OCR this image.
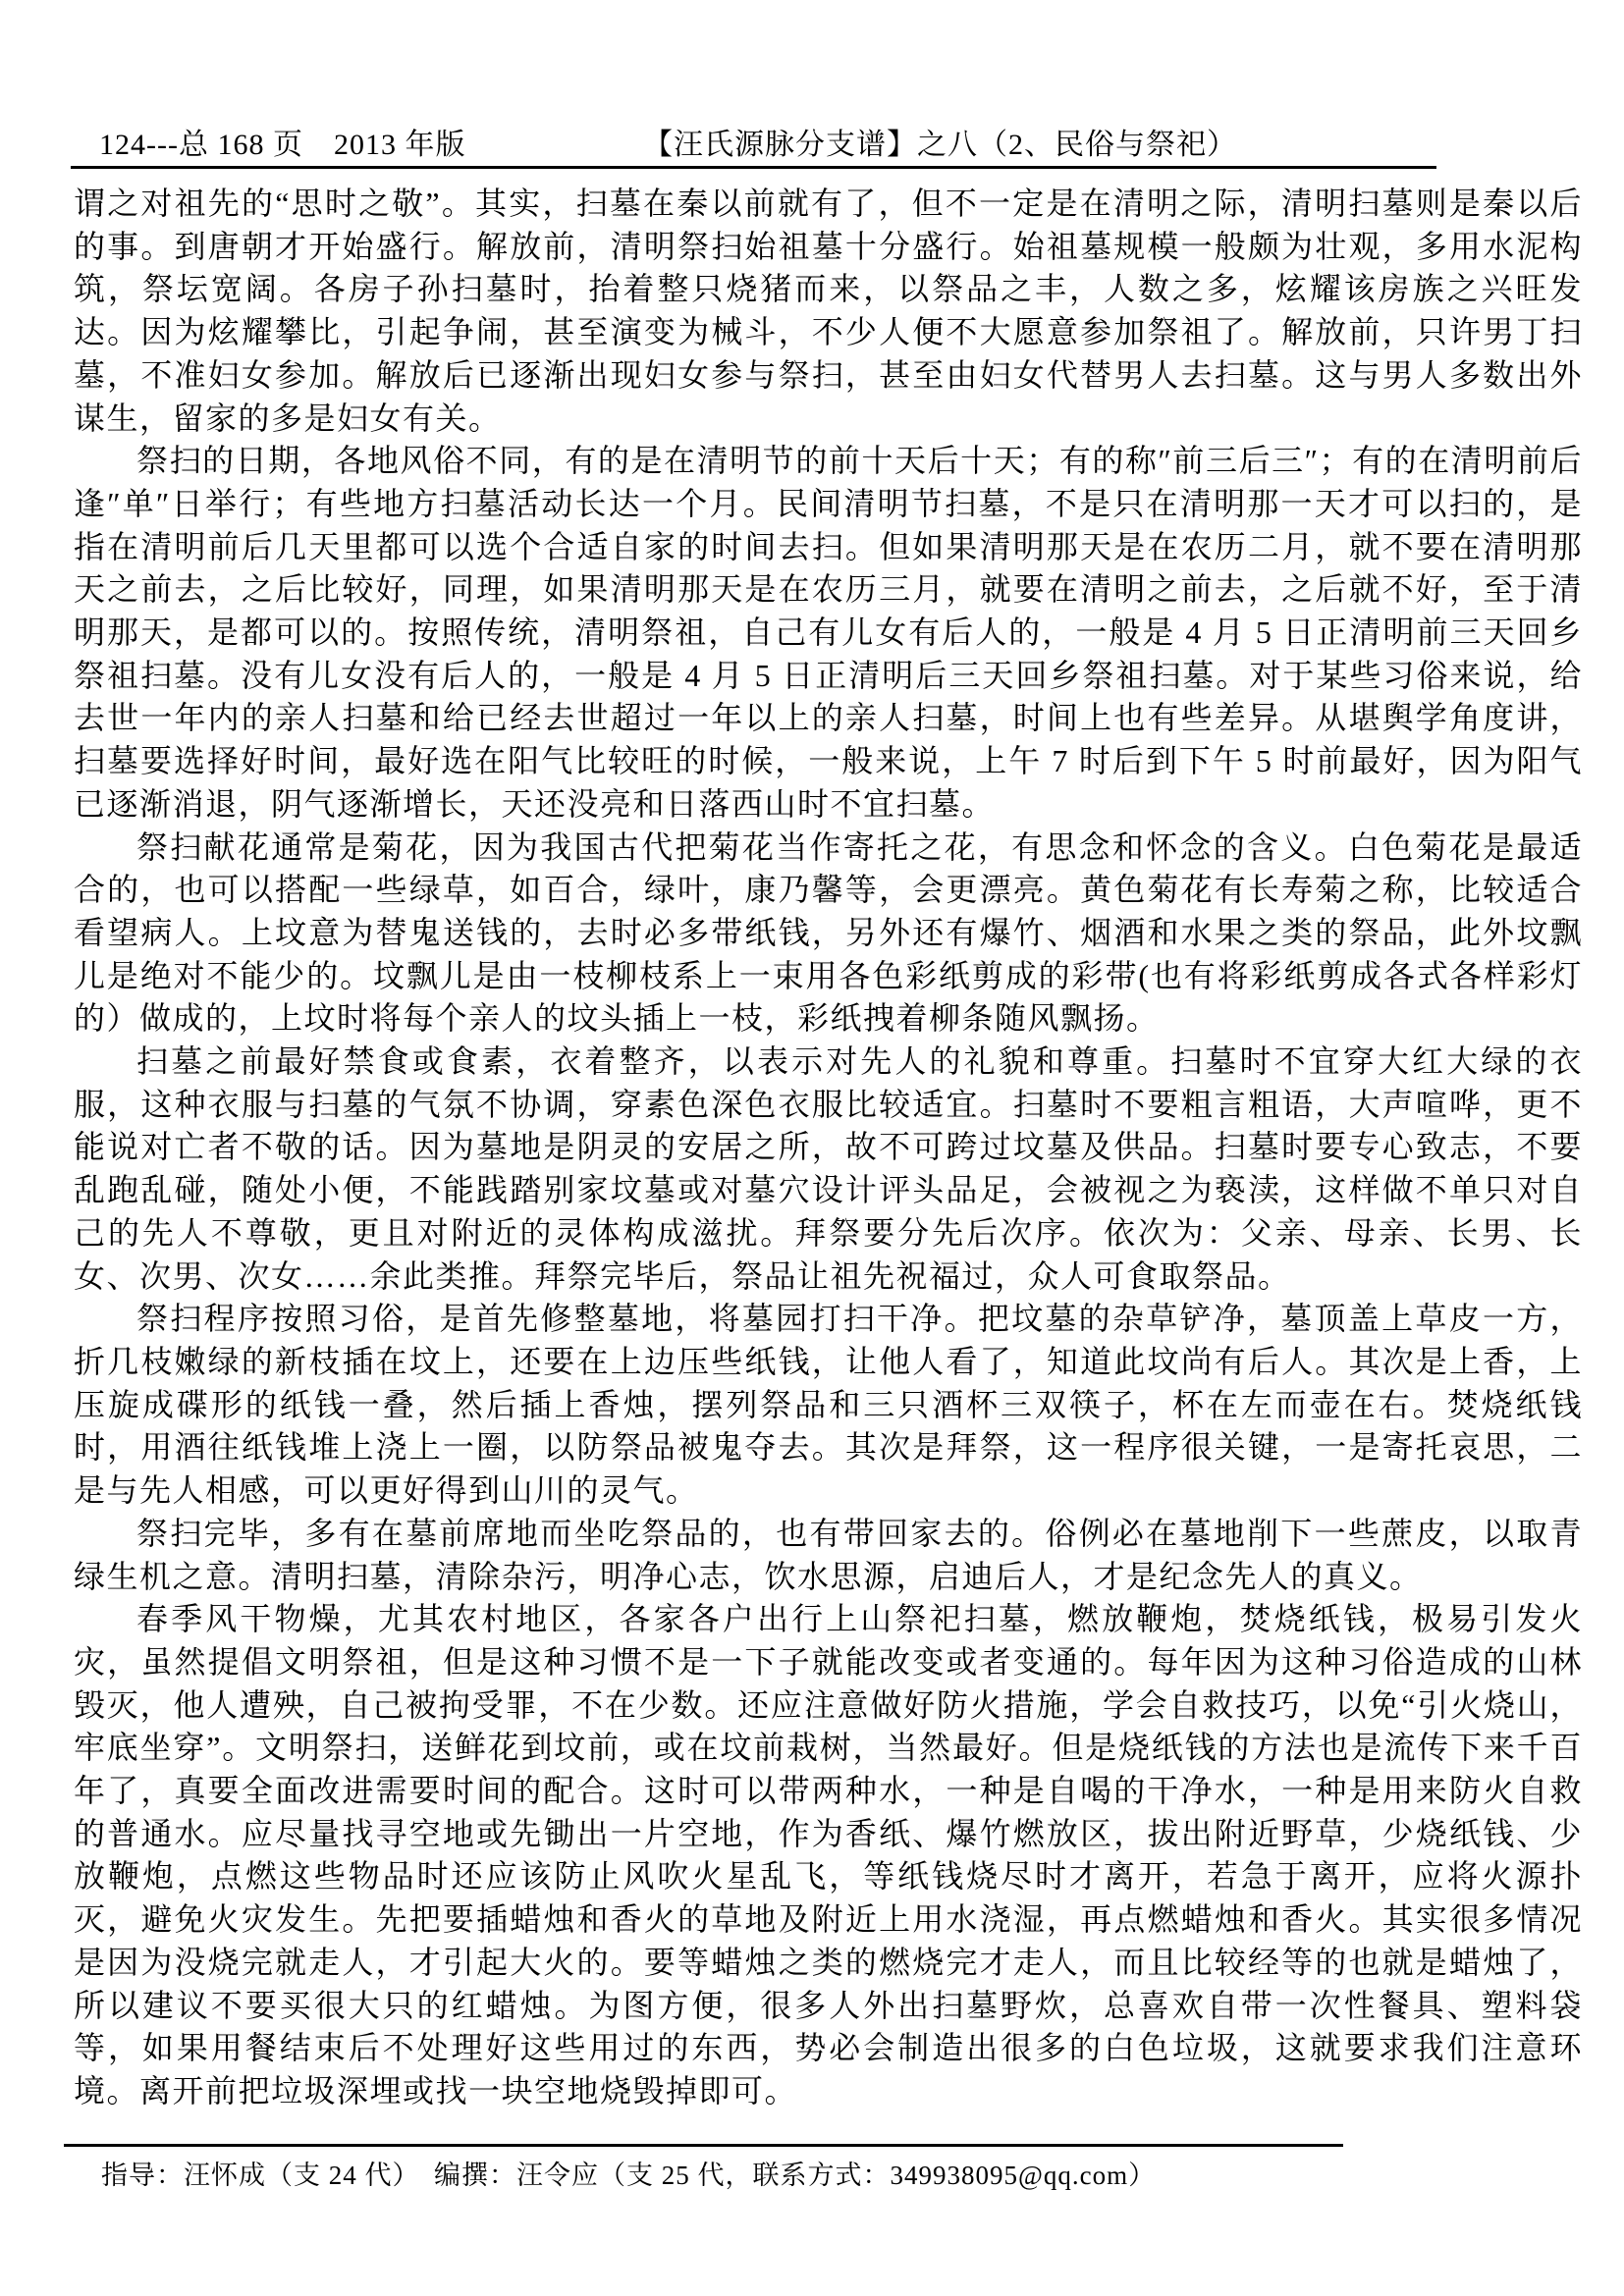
124---总 168 页　2013 年版	【汪氏源脉分支谱】之八（2、民俗与祭祀）

谓之对祖先的“思时之敬”。其实，扫墓在秦以前就有了，但不一定是在清明之际，清明扫墓则是秦以后的事。到唐朝才开始盛行。解放前，清明祭扫始祖墓十分盛行。始祖墓规模一般颇为壮观，多用水泥构筑，祭坛宽阔。各房子孙扫墓时，抬着整只烧猪而来，以祭品之丰，人数之多，炫耀该房族之兴旺发达。因为炫耀攀比，引起争闹，甚至演变为械斗，不少人便不大愿意参加祭祖了。解放前，只许男丁扫墓，不准妇女参加。解放后已逐渐出现妇女参与祭扫，甚至由妇女代替男人去扫墓。这与男人多数出外谋生，留家的多是妇女有关。

祭扫的日期，各地风俗不同，有的是在清明节的前十天后十天；有的称″前三后三″；有的在清明前后逢″单″日举行；有些地方扫墓活动长达一个月。民间清明节扫墓，不是只在清明那一天才可以扫的，是指在清明前后几天里都可以选个合适自家的时间去扫。但如果清明那天是在农历二月，就不要在清明那天之前去，之后比较好，同理，如果清明那天是在农历三月，就要在清明之前去，之后就不好，至于清明那天，是都可以的。按照传统，清明祭祖，自己有儿女有后人的，一般是 4 月 5 日正清明前三天回乡祭祖扫墓。没有儿女没有后人的，一般是 4 月 5 日正清明后三天回乡祭祖扫墓。对于某些习俗来说，给去世一年内的亲人扫墓和给已经去世超过一年以上的亲人扫墓，时间上也有些差异。从堪舆学角度讲，扫墓要选择好时间，最好选在阳气比较旺的时候，一般来说，上午 7 时后到下午 5 时前最好，因为阳气已逐渐消退，阴气逐渐增长，天还没亮和日落西山时不宜扫墓。

祭扫献花通常是菊花，因为我国古代把菊花当作寄托之花，有思念和怀念的含义。白色菊花是最适合的，也可以搭配一些绿草，如百合，绿叶，康乃馨等，会更漂亮。黄色菊花有长寿菊之称，比较适合看望病人。上坟意为替鬼送钱的，去时必多带纸钱，另外还有爆竹、烟酒和水果之类的祭品，此外坟飘儿是绝对不能少的。坟飘儿是由一枝柳枝系上一束用各色彩纸剪成的彩带(也有将彩纸剪成各式各样彩灯的）做成的，上坟时将每个亲人的坟头插上一枝，彩纸拽着柳条随风飘扬。

扫墓之前最好禁食或食素，衣着整齐，以表示对先人的礼貌和尊重。扫墓时不宜穿大红大绿的衣服，这种衣服与扫墓的气氛不协调，穿素色深色衣服比较适宜。扫墓时不要粗言粗语，大声喧哗，更不能说对亡者不敬的话。因为墓地是阴灵的安居之所，故不可跨过坟墓及供品。扫墓时要专心致志，不要乱跑乱碰，随处小便，不能践踏别家坟墓或对墓穴设计评头品足，会被视之为亵渎，这样做不单只对自己的先人不尊敬，更且对附近的灵体构成滋扰。拜祭要分先后次序。依次为：父亲、母亲、长男、长女、次男、次女……余此类推。拜祭完毕后，祭品让祖先祝福过，众人可食取祭品。

祭扫程序按照习俗，是首先修整墓地，将墓园打扫干净。把坟墓的杂草铲净，墓顶盖上草皮一方，折几枝嫩绿的新枝插在坟上，还要在上边压些纸钱，让他人看了，知道此坟尚有后人。其次是上香，上压旋成碟形的纸钱一叠，然后插上香烛，摆列祭品和三只酒杯三双筷子，杯在左而壶在右。焚烧纸钱时，用酒往纸钱堆上浇上一圈，以防祭品被鬼夺去。其次是拜祭，这一程序很关键，一是寄托哀思，二是与先人相感，可以更好得到山川的灵气。

祭扫完毕，多有在墓前席地而坐吃祭品的，也有带回家去的。俗例必在墓地削下一些蔗皮，以取青绿生机之意。清明扫墓，清除杂污，明净心志，饮水思源，启迪后人，才是纪念先人的真义。

春季风干物燥，尤其农村地区，各家各户出行上山祭祀扫墓，燃放鞭炮，焚烧纸钱，极易引发火灾，虽然提倡文明祭祖，但是这种习惯不是一下子就能改变或者变通的。每年因为这种习俗造成的山林毁灭，他人遭殃，自己被拘受罪，不在少数。还应注意做好防火措施，学会自救技巧，以免“引火烧山，牢底坐穿”。文明祭扫，送鲜花到坟前，或在坟前栽树，当然最好。但是烧纸钱的方法也是流传下来千百年了，真要全面改进需要时间的配合。这时可以带两种水，一种是自喝的干净水，一种是用来防火自救的普通水。应尽量找寻空地或先锄出一片空地，作为香纸、爆竹燃放区，拔出附近野草，少烧纸钱、少放鞭炮，点燃这些物品时还应该防止风吹火星乱飞，等纸钱烧尽时才离开，若急于离开，应将火源扑灭，避免火灾发生。先把要插蜡烛和香火的草地及附近上用水浇湿，再点燃蜡烛和香火。其实很多情况是因为没烧完就走人，才引起大火的。要等蜡烛之类的燃烧完才走人，而且比较经等的也就是蜡烛了，所以建议不要买很大只的红蜡烛。为图方便，很多人外出扫墓野炊，总喜欢自带一次性餐具、塑料袋等，如果用餐结束后不处理好这些用过的东西，势必会制造出很多的白色垃圾，这就要求我们注意环境。离开前把垃圾深埋或找一块空地烧毁掉即可。

指导：汪怀成（支 24 代）　编撰：汪令应（支 25 代，联系方式：349938095@qq.com）
